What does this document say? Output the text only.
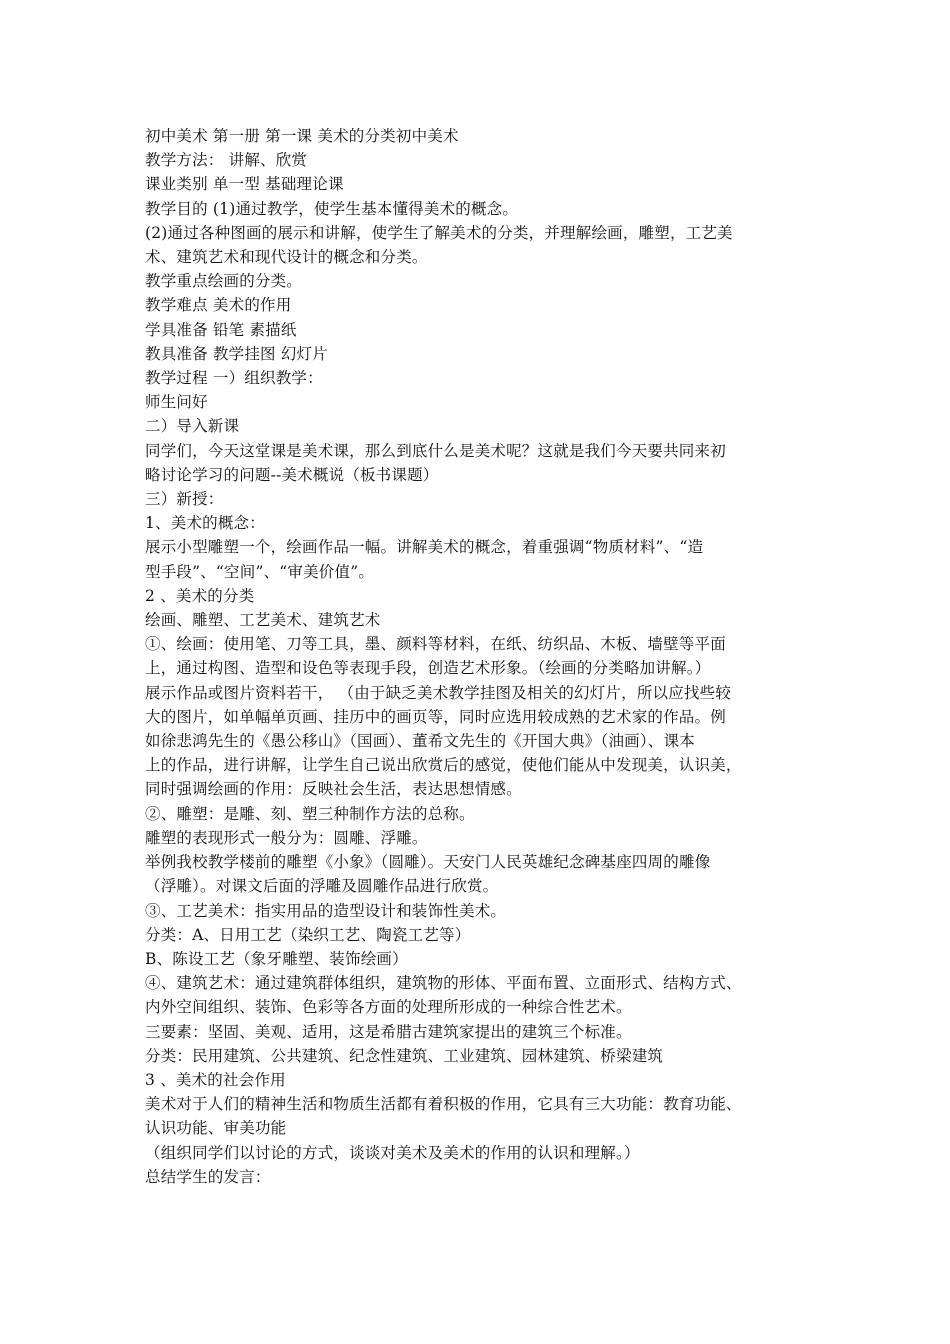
初中美术 第一册 第一课 美术的分类初中美术
教学方法： 讲解、欣赏
课业类别 单一型 基础理论课
教学目的 (1)通过教学，使学生基本懂得美术的概念。
(2)通过各种图画的展示和讲解，使学生了解美术的分类，并理解绘画，雕塑，工艺美
术、建筑艺术和现代设计的概念和分类。
教学重点绘画的分类。
教学难点 美术的作用
学具准备 铅笔 素描纸
教具准备 教学挂图 幻灯片
教学过程 一）组织教学：
师生问好
二）导入新课
同学们，今天这堂课是美术课，那么到底什么是美术呢？这就是我们今天要共同来初
略讨论学习的问题--美术概说（板书课题）
三）新授：
1、美术的概念：
展示小型雕塑一个，绘画作品一幅。讲解美术的概念，着重强调“物质材料”、“造
型手段”、“空间”、“审美价值”。
2 、美术的分类
绘画、雕塑、工艺美术、建筑艺术
①、绘画：使用笔、刀等工具，墨、颜料等材料，在纸、纺织品、木板、墙壁等平面
上，通过构图、造型和设色等表现手段，创造艺术形象。（绘画的分类略加讲解。）
展示作品或图片资料若干， （由于缺乏美术教学挂图及相关的幻灯片，所以应找些较
大的图片，如单幅单页画、挂历中的画页等，同时应选用较成熟的艺术家的作品。例
如徐悲鸿先生的《愚公移山》（国画）、董希文先生的《开国大典》（油画）、课本
上的作品，进行讲解，让学生自己说出欣赏后的感觉，使他们能从中发现美，认识美，
同时强调绘画的作用：反映社会生活，表达思想情感。
②、雕塑：是雕、刻、塑三种制作方法的总称。
雕塑的表现形式一般分为：圆雕、浮雕。
举例我校教学楼前的雕塑《小象》（圆雕）。天安门人民英雄纪念碑基座四周的雕像
（浮雕）。对课文后面的浮雕及圆雕作品进行欣赏。
③、工艺美术：指实用品的造型设计和装饰性美术。
分类：A、日用工艺（染织工艺、陶瓷工艺等）
B、陈设工艺（象牙雕塑、装饰绘画）
④、建筑艺术：通过建筑群体组织，建筑物的形体、平面布置、立面形式、结构方式、
内外空间组织、装饰、色彩等各方面的处理所形成的一种综合性艺术。
三要素：坚固、美观、适用，这是希腊古建筑家提出的建筑三个标准。
分类：民用建筑、公共建筑、纪念性建筑、工业建筑、园林建筑、桥梁建筑
3 、美术的社会作用
美术对于人们的精神生活和物质生活都有着积极的作用，它具有三大功能：教育功能、
认识功能、审美功能
（组织同学们以讨论的方式，谈谈对美术及美术的作用的认识和理解。）
总结学生的发言：
